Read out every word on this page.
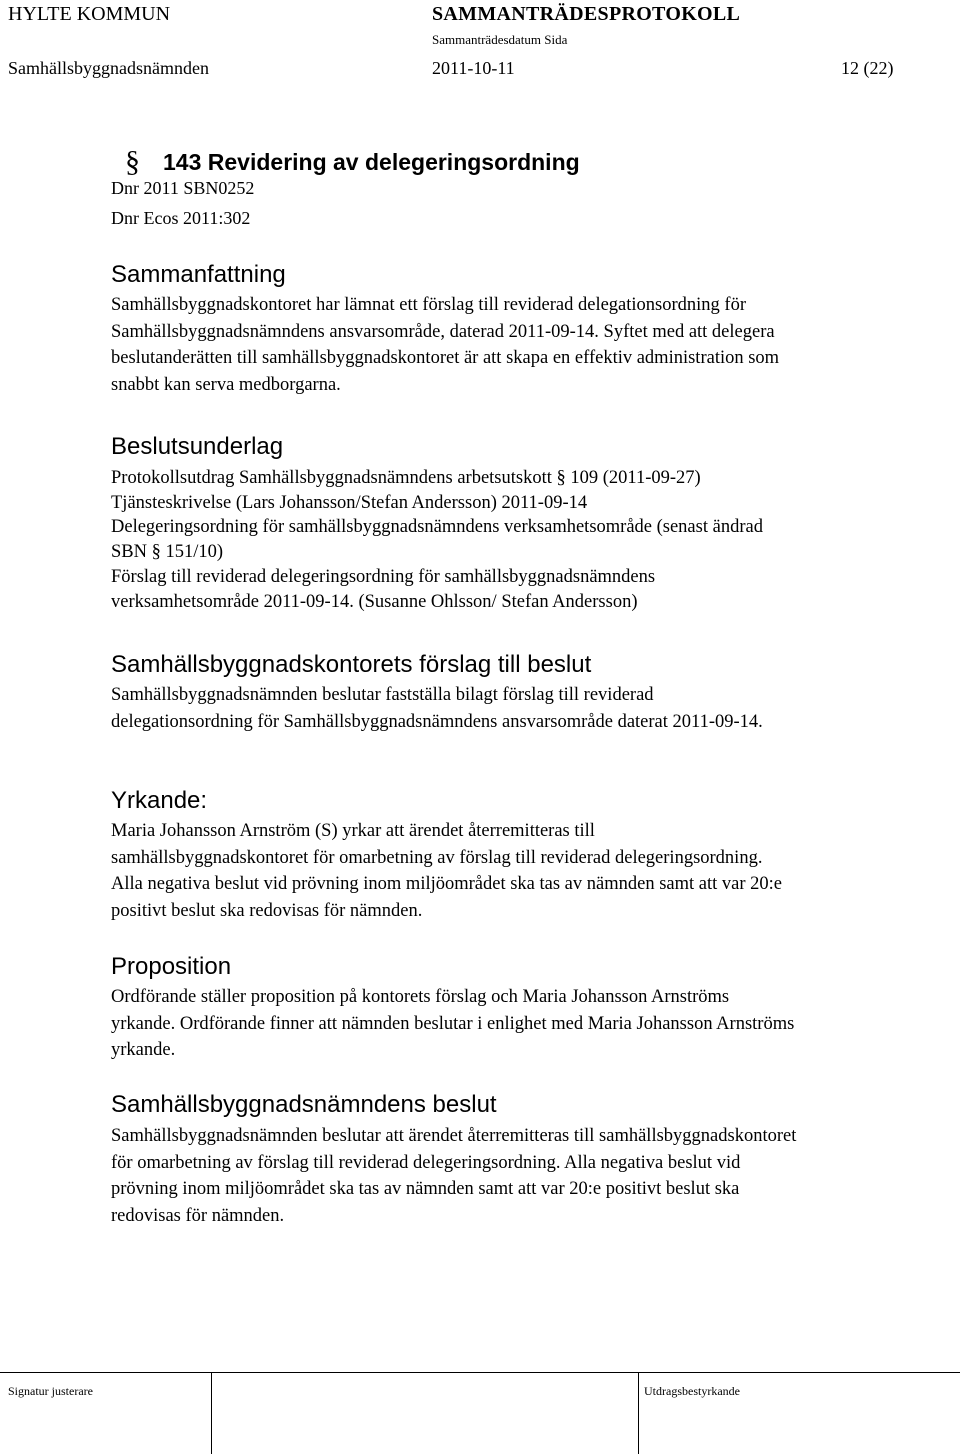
HYLTE KOMMUN	SAMMANTRÄDESPROTOKOLL
Sammanträdesdatum Sida
Samhällsbyggnadsnämnden	2011-10-11	12 (22)
§ 143 Revidering av delegeringsordning
Dnr 2011 SBN0252
Dnr Ecos 2011:302
Sammanfattning
Samhällsbyggnadskontoret har lämnat ett förslag till reviderad delegationsordning för
Samhällsbyggnadsnämndens ansvarsområde, daterad 2011-09-14. Syftet med att delegera
beslutanderätten till samhällsbyggnadskontoret är att skapa en effektiv administration som
snabbt kan serva medborgarna.
Beslutsunderlag
Protokollsutdrag Samhällsbyggnadsnämndens arbetsutskott § 109 (2011-09-27)
Tjänsteskrivelse (Lars Johansson/Stefan Andersson) 2011-09-14
Delegeringsordning för samhällsbyggnadsnämndens verksamhetsområde (senast ändrad
SBN § 151/10)
Förslag till reviderad delegeringsordning för samhällsbyggnadsnämndens
verksamhetsområde 2011-09-14. (Susanne Ohlsson/ Stefan Andersson)
Samhällsbyggnadskontorets förslag till beslut
Samhällsbyggnadsnämnden beslutar fastställa bilagt förslag till reviderad
delegationsordning för Samhällsbyggnadsnämndens ansvarsområde daterat 2011-09-14.
Yrkande:
Maria Johansson Arnström (S) yrkar att ärendet återremitteras till
samhällsbyggnadskontoret för omarbetning av förslag till reviderad delegeringsordning.
Alla negativa beslut vid prövning inom miljöområdet ska tas av nämnden samt att var 20:e
positivt beslut ska redovisas för nämnden.
Proposition
Ordförande ställer proposition på kontorets förslag och Maria Johansson Arnströms
yrkande. Ordförande finner att nämnden beslutar i enlighet med Maria Johansson Arnströms
yrkande.
Samhällsbyggnadsnämndens beslut
Samhällsbyggnadsnämnden beslutar att ärendet återremitteras till samhällsbyggnadskontoret
för omarbetning av förslag till reviderad delegeringsordning. Alla negativa beslut vid
prövning inom miljöområdet ska tas av nämnden samt att var 20:e positivt beslut ska
redovisas för nämnden.
Signatur justerare	Utdragsbestyrkande
